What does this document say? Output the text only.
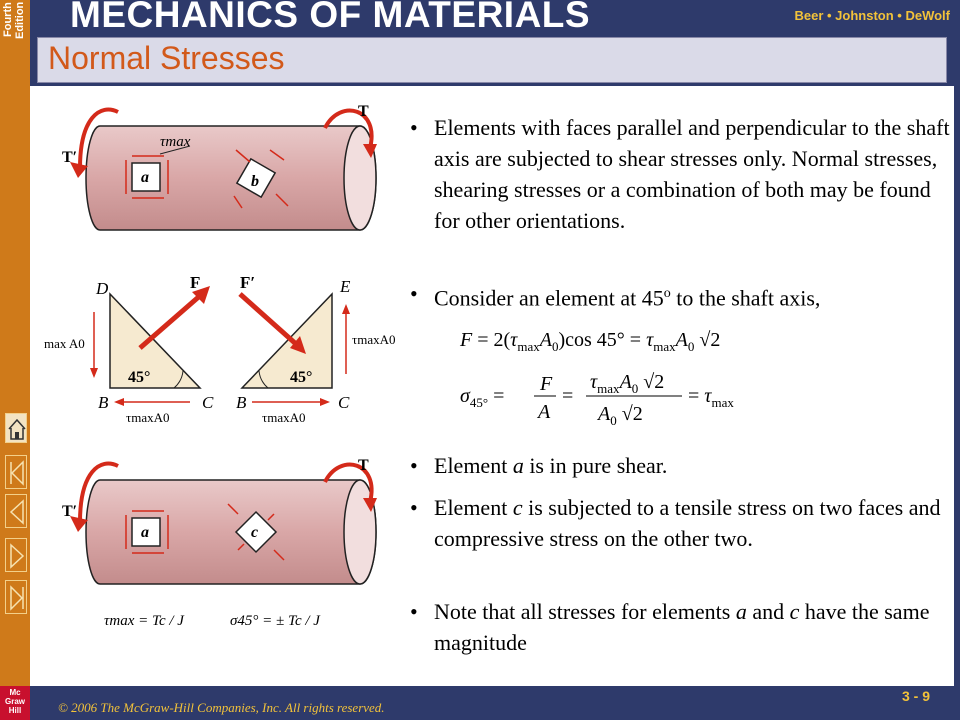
Fourth Edition MECHANICS OF MATERIALS	Beer • Johnston • DeWolf
Normal Stresses
T′
T
τmax
a	b
D	E
B	C B	C
45°	45°
F F′
max A0	τmaxA0
τmaxA0	τmaxA0
T′
T
a	c
τmax = Tc / J	σ45° = ± Tc / J
• Elements with faces parallel and perpendicular to the shaft axis are subjected to shear stresses only. Normal stresses, shearing stresses or a combination of both may be found for other orientations.
• Consider an element at 45$^o$ to the shaft axis,
• Element a is in pure shear.
• Element c is subjected to a tensile stress on two faces and compressive stress on the other two.
• Note that all stresses for elements a and c have the same magnitude
$F = 2(\tau_{max}A_0)\cos$ $45^\circ = \tau_{max}A_0$ √2
$\sigma_{45^\circ}$ =
F
A
=
$\tau_{max}A_0$ √2
$A_0$ √2
= $\tau_{max}$
© 2006 The McGraw-Hill Companies, Inc. All rights reserved.
3 - 9
Mc
Graw
Hill
